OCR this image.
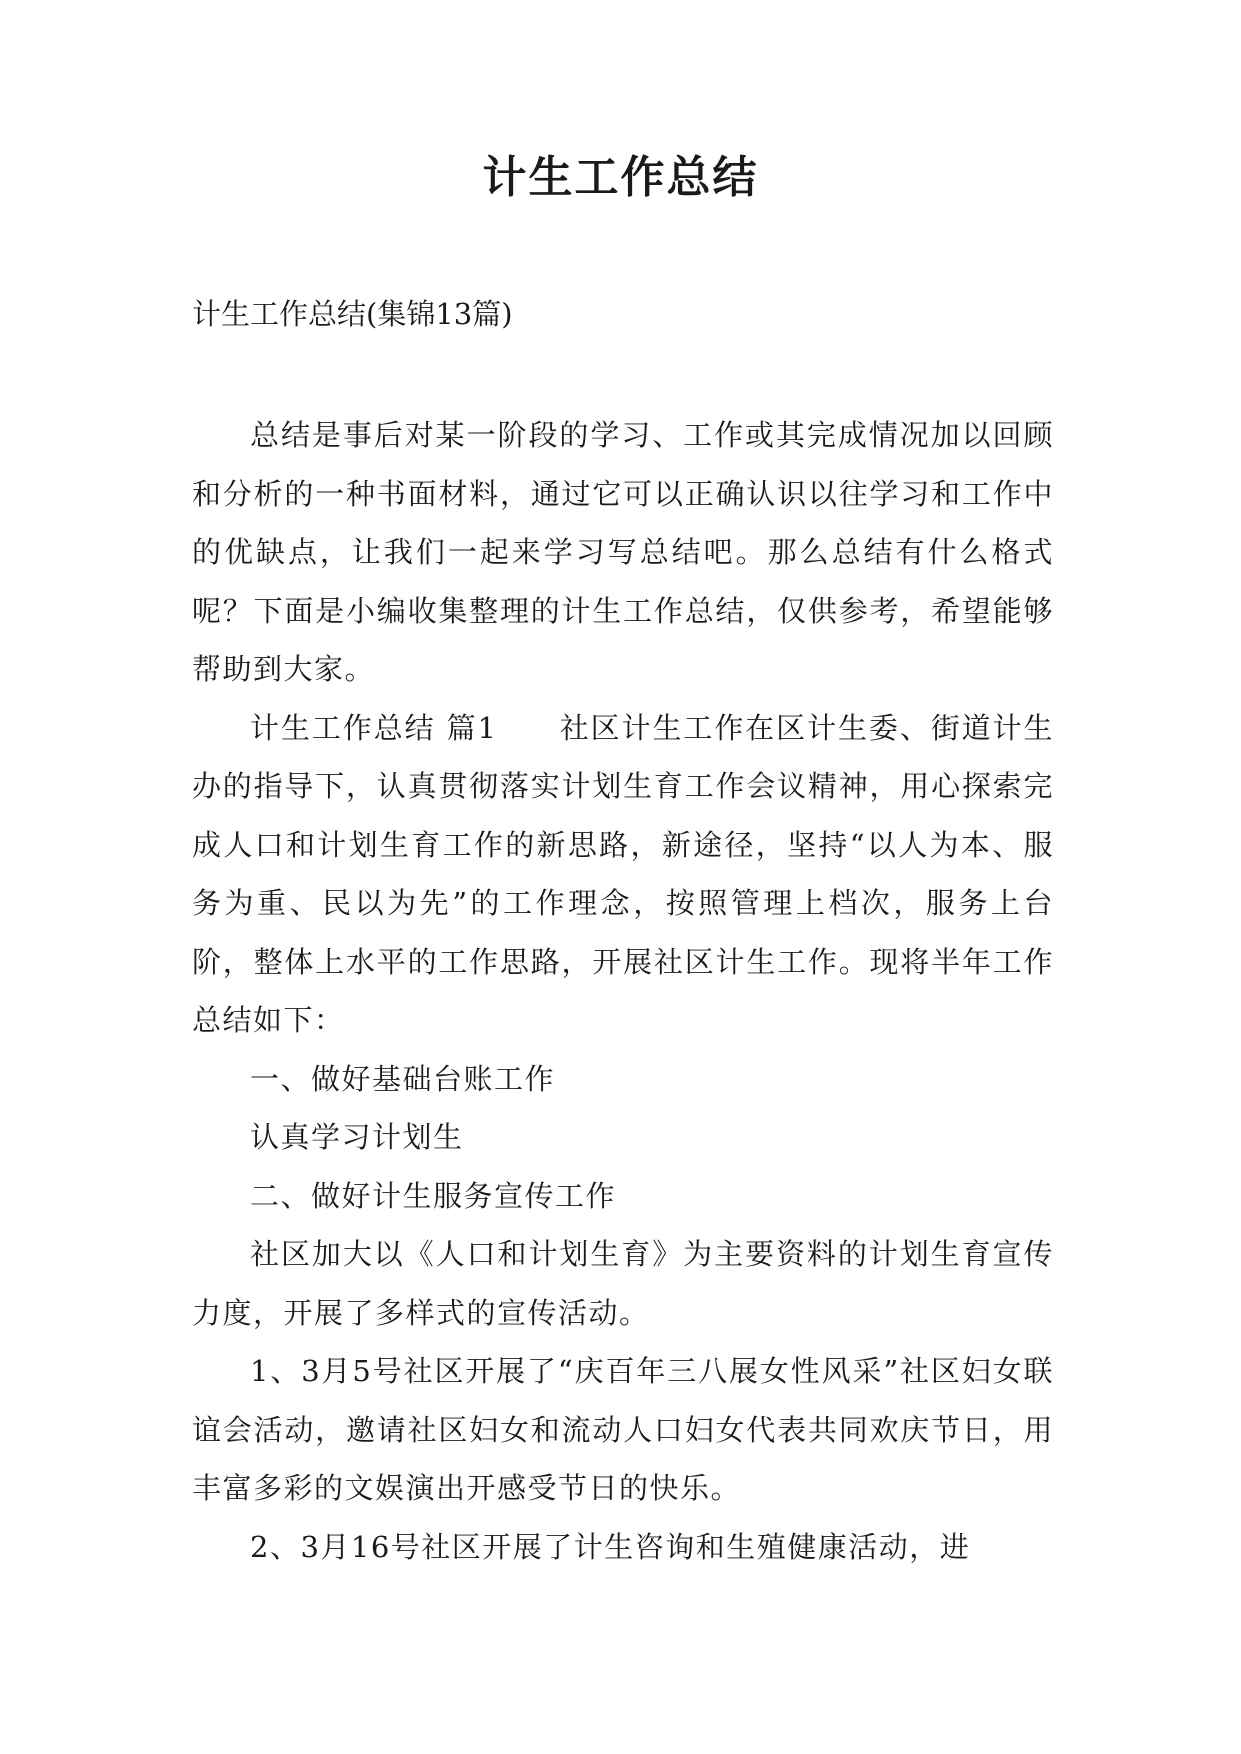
计生工作总结
计生工作总结(集锦13篇)

总结是事后对某一阶段的学习、工作或其完成情况加以回顾和分析的一种书面材料，通过它可以正确认识以往学习和工作中的优缺点，让我们一起来学习写总结吧。那么总结有什么格式呢？下面是小编收集整理的计生工作总结，仅供参考，希望能够帮助到大家。

计生工作总结 篇1　　社区计生工作在区计生委、街道计生办的指导下，认真贯彻落实计划生育工作会议精神，用心探索完成人口和计划生育工作的新思路，新途径，坚持“以人为本、服务为重、民以为先”的工作理念，按照管理上档次，服务上台阶，整体上水平的工作思路，开展社区计生工作。现将半年工作总结如下：

一、做好基础台账工作

认真学习计划生

二、做好计生服务宣传工作

社区加大以《人口和计划生育》为主要资料的计划生育宣传力度，开展了多样式的宣传活动。

1、3月5号社区开展了“庆百年三八展女性风采”社区妇女联谊会活动，邀请社区妇女和流动人口妇女代表共同欢庆节日，用丰富多彩的文娱演出开感受节日的快乐。

2、3月16号社区开展了计生咨询和生殖健康活动，进
